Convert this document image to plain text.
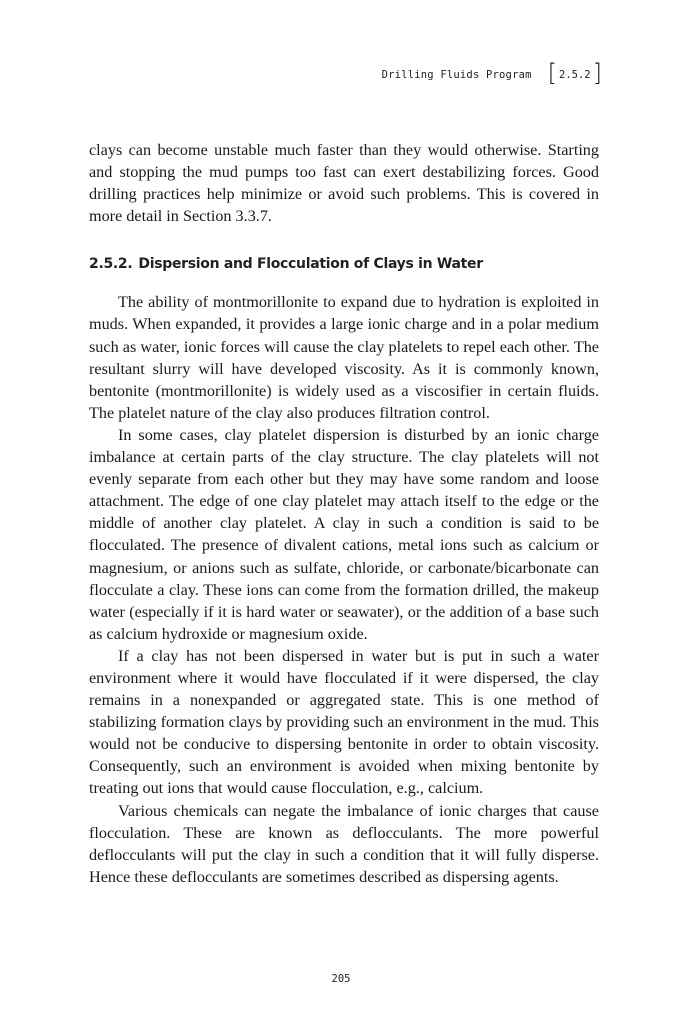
Drilling Fluids Program [ 2.5.2 ]

clays can become unstable much faster than they would otherwise. Starting and stopping the mud pumps too fast can exert destabilizing forces. Good drilling practices help minimize or avoid such problems. This is covered in more detail in Section 3.3.7.

2.5.2. Dispersion and Flocculation of Clays in Water

The ability of montmorillonite to expand due to hydration is exploited in muds. When expanded, it provides a large ionic charge and in a polar medium such as water, ionic forces will cause the clay platelets to repel each other. The resultant slurry will have developed viscosity. As it is commonly known, bentonite (montmorillonite) is widely used as a viscosifier in certain fluids. The platelet nature of the clay also produces filtration control.

In some cases, clay platelet dispersion is disturbed by an ionic charge imbalance at certain parts of the clay structure. The clay platelets will not evenly separate from each other but they may have some random and loose attachment. The edge of one clay platelet may attach itself to the edge or the middle of another clay platelet. A clay in such a condition is said to be flocculated. The presence of divalent cations, metal ions such as calcium or magnesium, or anions such as sulfate, chloride, or carbonate/bicarbonate can flocculate a clay. These ions can come from the formation drilled, the makeup water (especially if it is hard water or seawater), or the addition of a base such as calcium hydroxide or magnesium oxide.

If a clay has not been dispersed in water but is put in such a water environment where it would have flocculated if it were dispersed, the clay remains in a nonexpanded or aggregated state. This is one method of stabilizing formation clays by providing such an environment in the mud. This would not be conducive to dispersing bentonite in order to obtain viscosity. Consequently, such an environment is avoided when mixing bentonite by treating out ions that would cause flocculation, e.g., calcium.

Various chemicals can negate the imbalance of ionic charges that cause flocculation. These are known as deflocculants. The more powerful deflocculants will put the clay in such a condition that it will fully disperse. Hence these deflocculants are sometimes described as dispersing agents.

205
